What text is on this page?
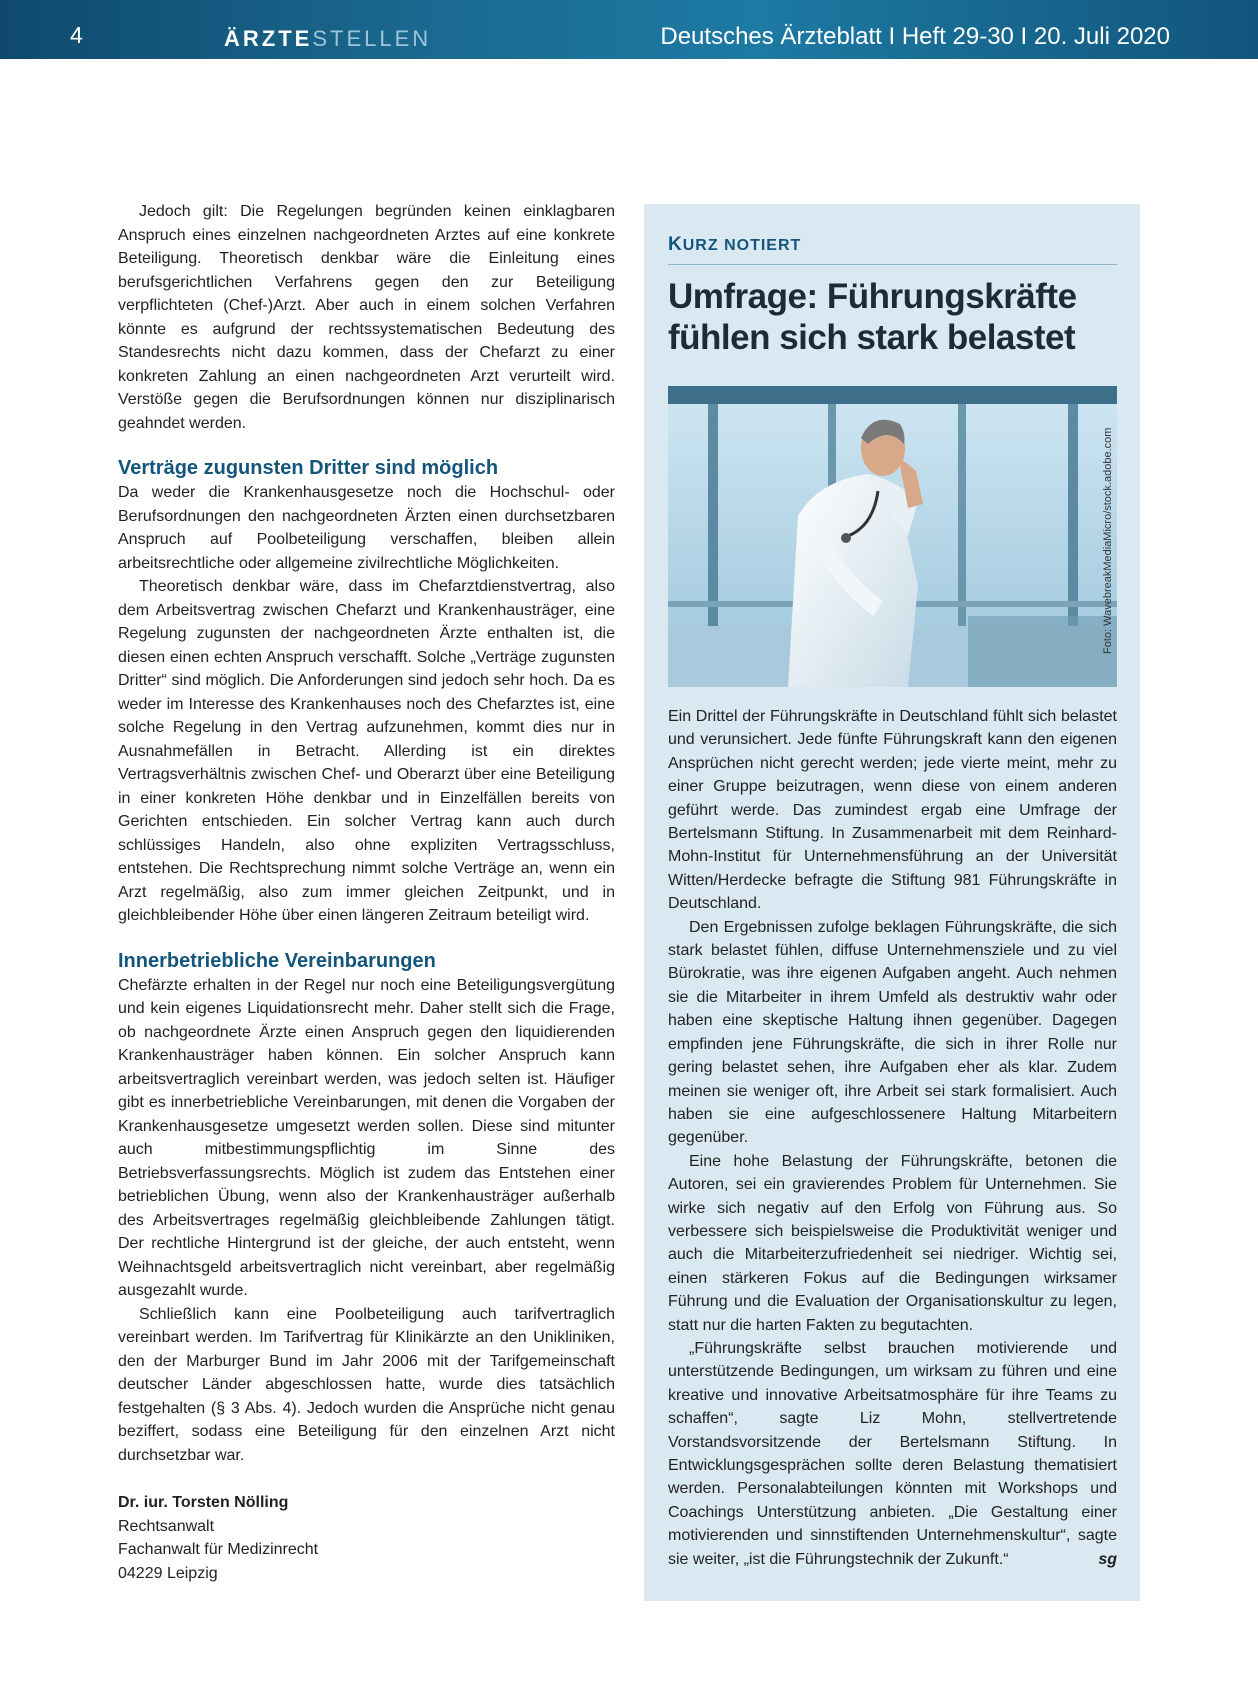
4	ÄRZTESTELLEN	Deutsches Ärzteblatt I Heft 29-30 I 20. Juli 2020

Jedoch gilt: Die Regelungen begründen keinen einklagbaren Anspruch eines einzelnen nachgeordneten Arztes auf eine konkrete Beteiligung. Theoretisch denkbar wäre die Einleitung eines berufsgerichtlichen Verfahrens gegen den zur Beteiligung verpflichteten (Chef-)Arzt. Aber auch in einem solchen Verfahren könnte es aufgrund der rechtssystematischen Bedeutung des Standesrechts nicht dazu kommen, dass der Chefarzt zu einer konkreten Zahlung an einen nachgeordneten Arzt verurteilt wird. Verstöße gegen die Berufsordnungen können nur disziplinarisch geahndet werden.

Verträge zugunsten Dritter sind möglich

Da weder die Krankenhausgesetze noch die Hochschul- oder Berufsordnungen den nachgeordneten Ärzten einen durchsetzbaren Anspruch auf Poolbeteiligung verschaffen, bleiben allein arbeitsrechtliche oder allgemeine zivilrechtliche Möglichkeiten.

Theoretisch denkbar wäre, dass im Chefarztdienstvertrag, also dem Arbeitsvertrag zwischen Chefarzt und Krankenhausträger, eine Regelung zugunsten der nachgeordneten Ärzte enthalten ist, die diesen einen echten Anspruch verschafft. Solche „Verträge zugunsten Dritter“ sind möglich. Die Anforderungen sind jedoch sehr hoch. Da es weder im Interesse des Krankenhauses noch des Chefarztes ist, eine solche Regelung in den Vertrag aufzunehmen, kommt dies nur in Ausnahmefällen in Betracht. Allerding ist ein direktes Vertragsverhältnis zwischen Chef- und Oberarzt über eine Beteiligung in einer konkreten Höhe denkbar und in Einzelfällen bereits von Gerichten entschieden. Ein solcher Vertrag kann auch durch schlüssiges Handeln, also ohne expliziten Vertragsschluss, entstehen. Die Rechtsprechung nimmt solche Verträge an, wenn ein Arzt regelmäßig, also zum immer gleichen Zeitpunkt, und in gleichbleibender Höhe über einen längeren Zeitraum beteiligt wird.

Innerbetriebliche Vereinbarungen

Chefärzte erhalten in der Regel nur noch eine Beteiligungsvergütung und kein eigenes Liquidationsrecht mehr. Daher stellt sich die Frage, ob nachgeordnete Ärzte einen Anspruch gegen den liquidierenden Krankenhausträger haben können. Ein solcher Anspruch kann arbeitsvertraglich vereinbart werden, was jedoch selten ist. Häufiger gibt es innerbetriebliche Vereinbarungen, mit denen die Vorgaben der Krankenhausgesetze umgesetzt werden sollen. Diese sind mitunter auch mitbestimmungspflichtig im Sinne des Betriebsverfassungsrechts. Möglich ist zudem das Entstehen einer betrieblichen Übung, wenn also der Krankenhausträger außerhalb des Arbeitsvertrages regelmäßig gleichbleibende Zahlungen tätigt. Der rechtliche Hintergrund ist der gleiche, der auch entsteht, wenn Weihnachtsgeld arbeitsvertraglich nicht vereinbart, aber regelmäßig ausgezahlt wurde.

Schließlich kann eine Poolbeteiligung auch tarifvertraglich vereinbart werden. Im Tarifvertrag für Klinikärzte an den Unikliniken, den der Marburger Bund im Jahr 2006 mit der Tarifgemeinschaft deutscher Länder abgeschlossen hatte, wurde dies tatsächlich festgehalten (§ 3 Abs. 4). Jedoch wurden die Ansprüche nicht genau beziffert, sodass eine Beteiligung für den einzelnen Arzt nicht durchsetzbar war.

Dr. iur. Torsten Nölling
Rechtsanwalt
Fachanwalt für Medizinrecht
04229 Leipzig
KURZ NOTIERT
Umfrage: Führungskräfte fühlen sich stark belastet
Foto: WavebreakMediaMicro/stock.adobe.com

Ein Drittel der Führungskräfte in Deutschland fühlt sich belastet und verunsichert. Jede fünfte Führungskraft kann den eigenen Ansprüchen nicht gerecht werden; jede vierte meint, mehr zu einer Gruppe beizutragen, wenn diese von einem anderen geführt werde. Das zumindest ergab eine Umfrage der Bertelsmann Stiftung. In Zusammenarbeit mit dem Reinhard-Mohn-Institut für Unternehmensführung an der Universität Witten/Herdecke befragte die Stiftung 981 Führungskräfte in Deutschland.

Den Ergebnissen zufolge beklagen Führungskräfte, die sich stark belastet fühlen, diffuse Unternehmensziele und zu viel Bürokratie, was ihre eigenen Aufgaben angeht. Auch nehmen sie die Mitarbeiter in ihrem Umfeld als destruktiv wahr oder haben eine skeptische Haltung ihnen gegenüber. Dagegen empfinden jene Führungskräfte, die sich in ihrer Rolle nur gering belastet sehen, ihre Aufgaben eher als klar. Zudem meinen sie weniger oft, ihre Arbeit sei stark formalisiert. Auch haben sie eine aufgeschlossenere Haltung Mitarbeitern gegenüber.

Eine hohe Belastung der Führungskräfte, betonen die Autoren, sei ein gravierendes Problem für Unternehmen. Sie wirke sich negativ auf den Erfolg von Führung aus. So verbessere sich beispielsweise die Produktivität weniger und auch die Mitarbeiterzufriedenheit sei niedriger. Wichtig sei, einen stärkeren Fokus auf die Bedingungen wirksamer Führung und die Evaluation der Organisationskultur zu legen, statt nur die harten Fakten zu begutachten.

„Führungskräfte selbst brauchen motivierende und unterstützende Bedingungen, um wirksam zu führen und eine kreative und innovative Arbeitsatmosphäre für ihre Teams zu schaffen“, sagte Liz Mohn, stellvertretende Vorstandsvorsitzende der Bertelsmann Stiftung. In Entwicklungsgesprächen sollte deren Belastung thematisiert werden. Personalabteilungen könnten mit Workshops und Coachings Unterstützung anbieten. „Die Gestaltung einer motivierenden und sinnstiftenden Unternehmenskultur“, sagte sie weiter, „ist die Führungstechnik der Zukunft.“	sg
